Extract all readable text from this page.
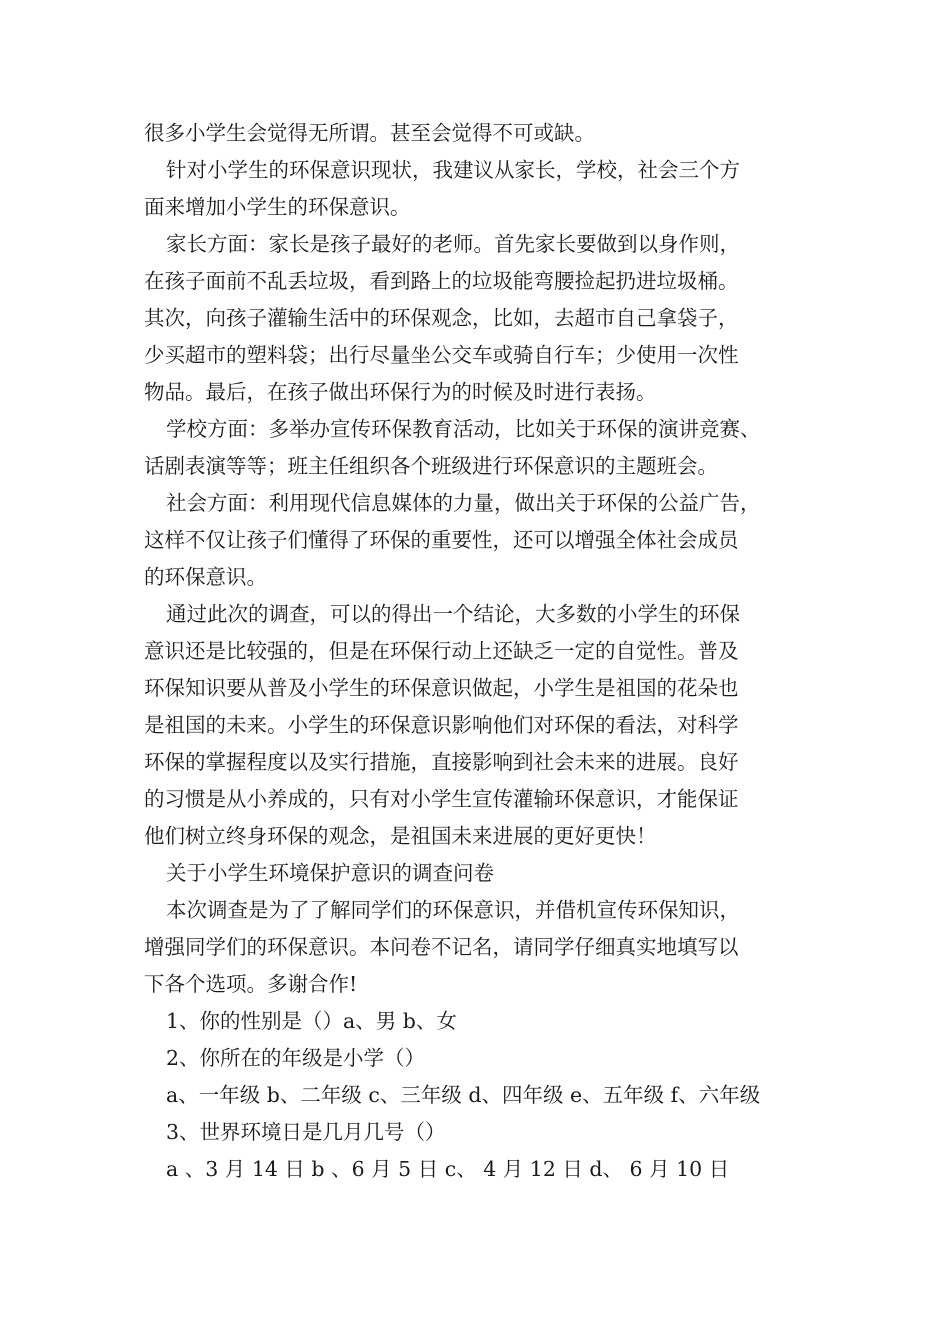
很多小学生会觉得无所谓。甚至会觉得不可或缺。
针对小学生的环保意识现状，我建议从家长，学校，社会三个方
面来增加小学生的环保意识。
家长方面：家长是孩子最好的老师。首先家长要做到以身作则，
在孩子面前不乱丢垃圾，看到路上的垃圾能弯腰捡起扔进垃圾桶。
其次，向孩子灌输生活中的环保观念，比如，去超市自己拿袋子，
少买超市的塑料袋；出行尽量坐公交车或骑自行车；少使用一次性
物品。最后，在孩子做出环保行为的时候及时进行表扬。
学校方面：多举办宣传环保教育活动，比如关于环保的演讲竞赛、
话剧表演等等；班主任组织各个班级进行环保意识的主题班会。
社会方面：利用现代信息媒体的力量，做出关于环保的公益广告，
这样不仅让孩子们懂得了环保的重要性，还可以增强全体社会成员
的环保意识。
通过此次的调查，可以的得出一个结论，大多数的小学生的环保
意识还是比较强的，但是在环保行动上还缺乏一定的自觉性。普及
环保知识要从普及小学生的环保意识做起，小学生是祖国的花朵也
是祖国的未来。小学生的环保意识影响他们对环保的看法，对科学
环保的掌握程度以及实行措施，直接影响到社会未来的进展。良好
的习惯是从小养成的，只有对小学生宣传灌输环保意识，才能保证
他们树立终身环保的观念，是祖国未来进展的更好更快！
关于小学生环境保护意识的调查问卷
本次调查是为了了解同学们的环保意识，并借机宣传环保知识，
增强同学们的环保意识。本问卷不记名，请同学仔细真实地填写以
下各个选项。多谢合作!
1、你的性别是（）a、男 b、女
2、你所在的年级是小学（）
a、一年级 b、二年级 c、三年级 d、四年级 e、五年级 f、六年级
3、世界环境日是几月几号（）
a 、3 月 14 日 b 、6 月 5 日 c、 4 月 12 日 d、 6 月 10 日
